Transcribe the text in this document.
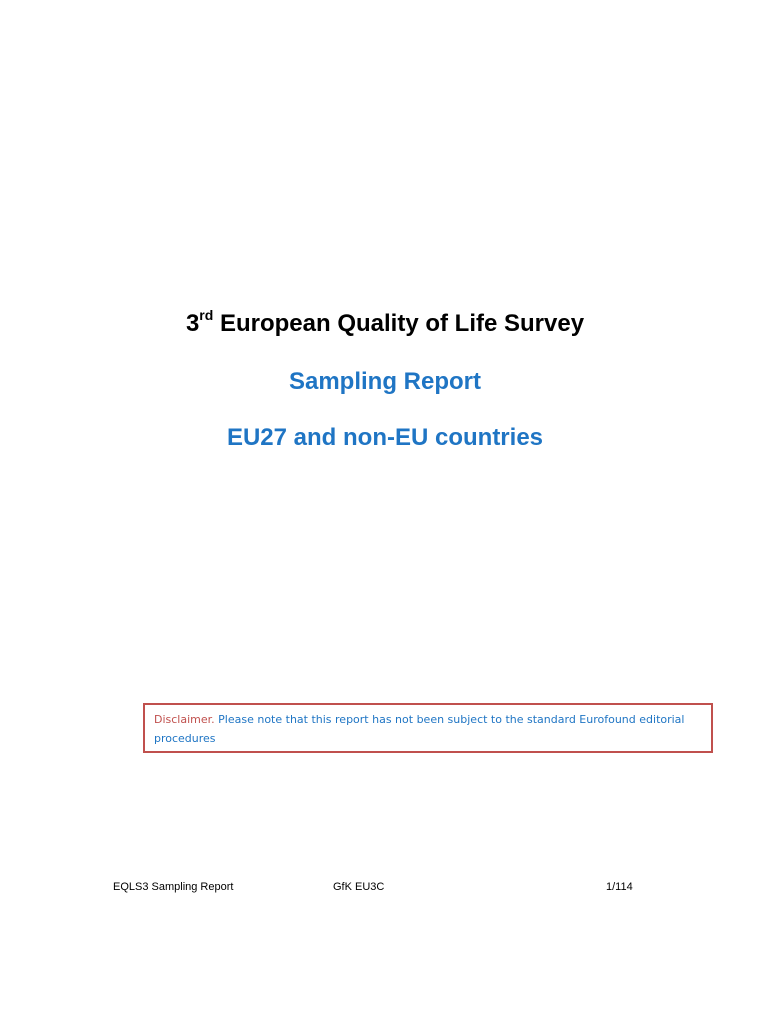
3rd European Quality of Life Survey
Sampling Report
EU27 and non-EU countries
Disclaimer. Please note that this report has not been subject to the standard Eurofound editorial procedures
EQLS3 Sampling Report	GfK EU3C	1/114
